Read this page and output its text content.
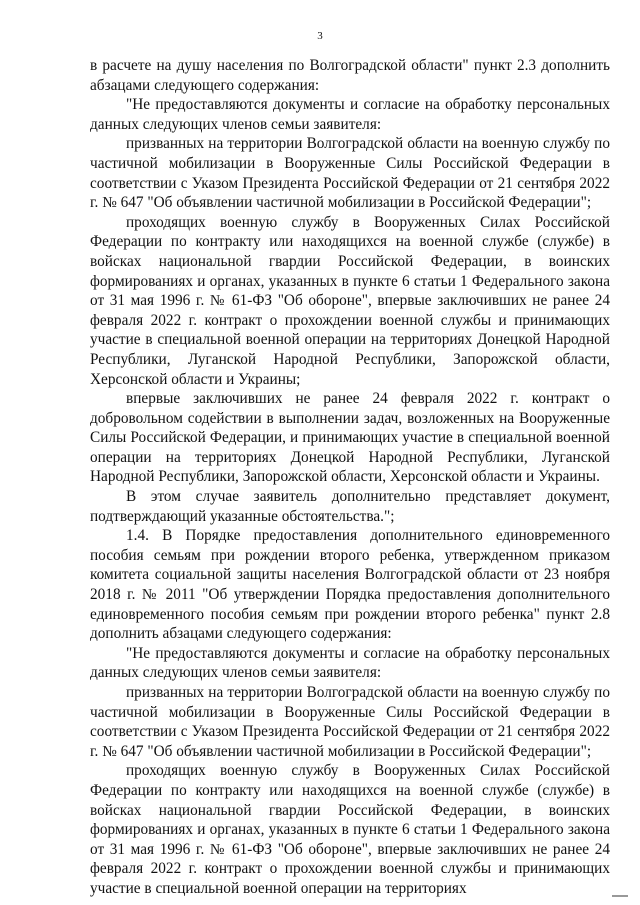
3

в расчете на душу населения по Волгоградской области" пункт 2.3 дополнить абзацами следующего содержания:

"Не предоставляются документы и согласие на обработку персональных данных следующих членов семьи заявителя:

призванных на территории Волгоградской области на военную службу по частичной мобилизации в Вооруженные Силы Российской Федерации в соответствии с Указом Президента Российской Федерации от 21 сентября 2022 г. № 647 "Об объявлении частичной мобилизации в Российской Федерации";

проходящих военную службу в Вооруженных Силах Российской Федерации по контракту или находящихся на военной службе (службе) в войсках национальной гвардии Российской Федерации, в воинских формированиях и органах, указанных в пункте 6 статьи 1 Федерального закона от 31 мая 1996 г. № 61-ФЗ "Об обороне", впервые заключивших не ранее 24 февраля 2022 г. контракт о прохождении военной службы и принимающих участие в специальной военной операции на территориях Донецкой Народной Республики, Луганской Народной Республики, Запорожской области, Херсонской области и Украины;

впервые заключивших не ранее 24 февраля 2022 г. контракт о добровольном содействии в выполнении задач, возложенных на Вооруженные Силы Российской Федерации, и принимающих участие в специальной военной операции на территориях Донецкой Народной Республики, Луганской Народной Республики, Запорожской области, Херсонской области и Украины.

В этом случае заявитель дополнительно представляет документ, подтверждающий указанные обстоятельства.";

1.4. В Порядке предоставления дополнительного единовременного пособия семьям при рождении второго ребенка, утвержденном приказом комитета социальной защиты населения Волгоградской области от 23 ноября 2018 г. № 2011 "Об утверждении Порядка предоставления дополнительного единовременного пособия семьям при рождении второго ребенка" пункт 2.8 дополнить абзацами следующего содержания:

"Не предоставляются документы и согласие на обработку персональных данных следующих членов семьи заявителя:

призванных на территории Волгоградской области на военную службу по частичной мобилизации в Вооруженные Силы Российской Федерации в соответствии с Указом Президента Российской Федерации от 21 сентября 2022 г. № 647 "Об объявлении частичной мобилизации в Российской Федерации";

проходящих военную службу в Вооруженных Силах Российской Федерации по контракту или находящихся на военной службе (службе) в войсках национальной гвардии Российской Федерации, в воинских формированиях и органах, указанных в пункте 6 статьи 1 Федерального закона от 31 мая 1996 г. № 61-ФЗ "Об обороне", впервые заключивших не ранее 24 февраля 2022 г. контракт о прохождении военной службы и принимающих участие в специальной военной операции на территориях
